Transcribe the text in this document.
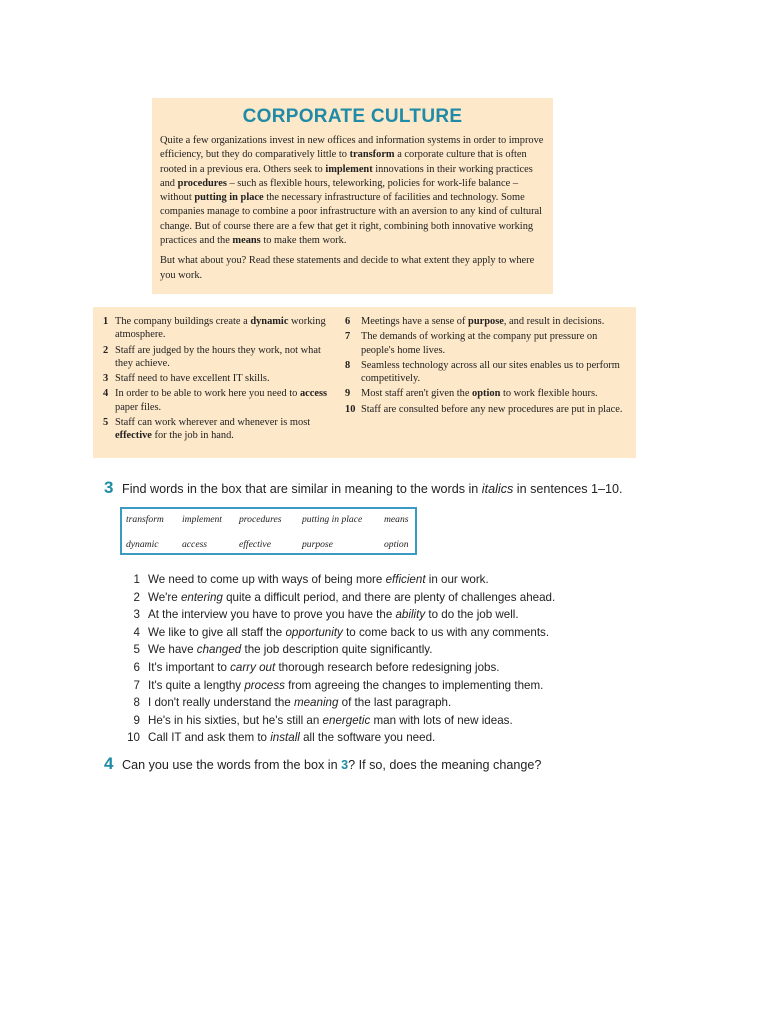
CORPORATE CULTURE

Quite a few organizations invest in new offices and information systems in order to improve efficiency, but they do comparatively little to transform a corporate culture that is often rooted in a previous era. Others seek to implement innovations in their working practices and procedures – such as flexible hours, teleworking, policies for work-life balance – without putting in place the necessary infrastructure of facilities and technology. Some companies manage to combine a poor infrastructure with an aversion to any kind of cultural change. But of course there are a few that get it right, combining both innovative working practices and the means to make them work.

But what about you? Read these statements and decide to what extent they apply to where you work.

1 The company buildings create a dynamic working atmosphere.
2 Staff are judged by the hours they work, not what they achieve.
3 Staff need to have excellent IT skills.
4 In order to be able to work here you need to access paper files.
5 Staff can work wherever and whenever is most effective for the job in hand.
6	Meetings have a sense of purpose, and result in decisions.
7	The demands of working at the company put pressure on people's home lives.
8	Seamless technology across all our sites enables us to perform competitively.
9	Most staff aren't given the option to work flexible hours.
10 Staff are consulted before any new procedures are put in place.
3 Find words in the box that are similar in meaning to the words in italics in sentences 1–10.
transform implement procedures putting in place means
dynamic access	effective	purpose	option
1 We need to come up with ways of being more efficient in our work.
2 We're entering quite a difficult period, and there are plenty of challenges ahead.
3 At the interview you have to prove you have the ability to do the job well.
4 We like to give all staff the opportunity to come back to us with any comments.
5 We have changed the job description quite significantly.
6 It's important to carry out thorough research before redesigning jobs.
7 It's quite a lengthy process from agreeing the changes to implementing them.
8 I don't really understand the meaning of the last paragraph.
9 He's in his sixties, but he's still an energetic man with lots of new ideas.
10 Call IT and ask them to install all the software you need.
4 Can you use the words from the box in 3? If so, does the meaning change?
